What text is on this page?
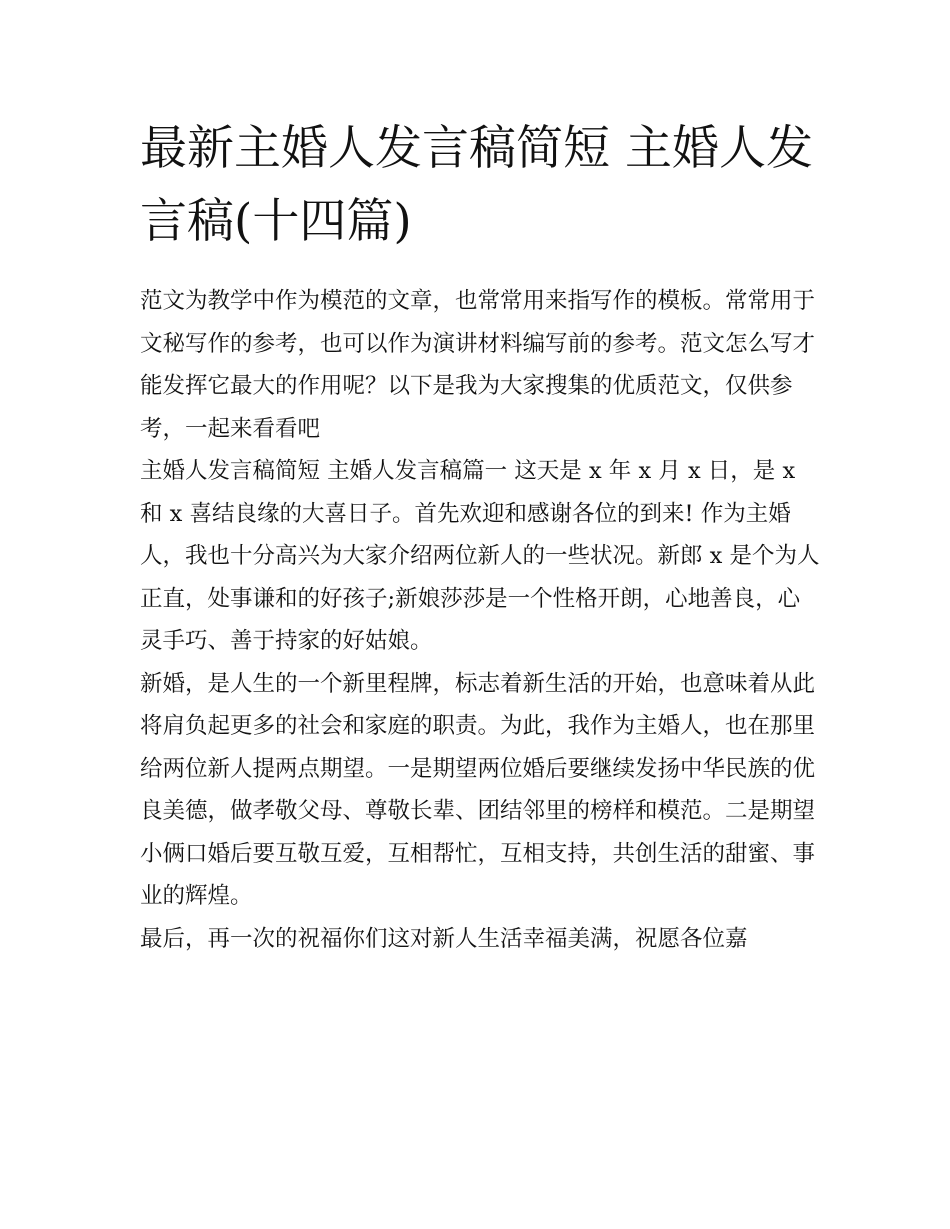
最新主婚人发言稿简短 主婚人发言稿(十四篇)

范文为教学中作为模范的文章，也常常用来指写作的模板。常常用于文秘写作的参考，也可以作为演讲材料编写前的参考。范文怎么写才能发挥它最大的作用呢？以下是我为大家搜集的优质范文，仅供参考，一起来看看吧

主婚人发言稿简短 主婚人发言稿篇一 这天是 x 年 x 月 x 日，是 x 和 x 喜结良缘的大喜日子。首先欢迎和感谢各位的到来! 作为主婚人，我也十分高兴为大家介绍两位新人的一些状况。新郎 x 是个为人正直，处事谦和的好孩子;新娘莎莎是一个性格开朗，心地善良，心灵手巧、善于持家的好姑娘。

新婚，是人生的一个新里程牌，标志着新生活的开始，也意味着从此将肩负起更多的社会和家庭的职责。为此，我作为主婚人，也在那里给两位新人提两点期望。一是期望两位婚后要继续发扬中华民族的优良美德，做孝敬父母、尊敬长辈、团结邻里的榜样和模范。二是期望小俩口婚后要互敬互爱，互相帮忙，互相支持，共创生活的甜蜜、事业的辉煌。

最后，再一次的祝福你们这对新人生活幸福美满，祝愿各位嘉
